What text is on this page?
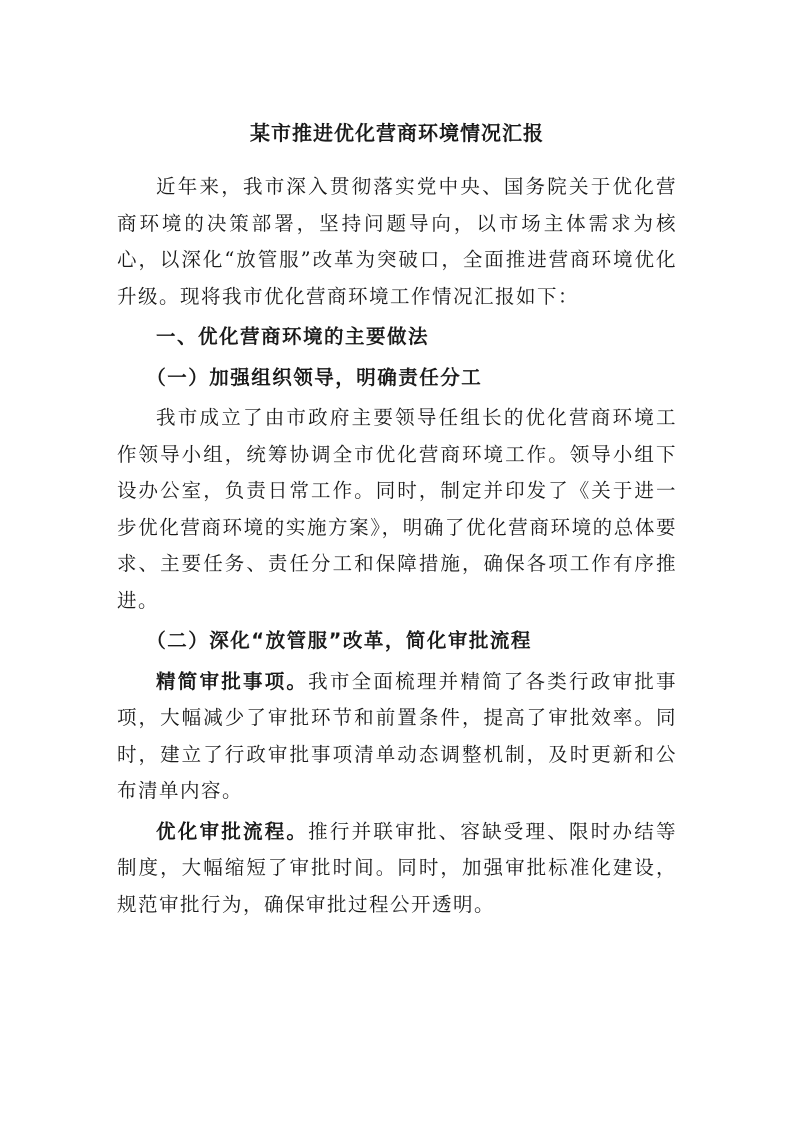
某市推进优化营商环境情况汇报

近年来，我市深入贯彻落实党中央、国务院关于优化营商环境的决策部署，坚持问题导向，以市场主体需求为核心，以深化“放管服”改革为突破口，全面推进营商环境优化升级。现将我市优化营商环境工作情况汇报如下：

一、优化营商环境的主要做法
（一）加强组织领导，明确责任分工

我市成立了由市政府主要领导任组长的优化营商环境工作领导小组，统筹协调全市优化营商环境工作。领导小组下设办公室，负责日常工作。同时，制定并印发了《关于进一步优化营商环境的实施方案》，明确了优化营商环境的总体要求、主要任务、责任分工和保障措施，确保各项工作有序推进。

（二）深化“放管服”改革，简化审批流程

精简审批事项。我市全面梳理并精简了各类行政审批事项，大幅减少了审批环节和前置条件，提高了审批效率。同时，建立了行政审批事项清单动态调整机制，及时更新和公布清单内容。

优化审批流程。推行并联审批、容缺受理、限时办结等制度，大幅缩短了审批时间。同时，加强审批标准化建设，规范审批行为，确保审批过程公开透明。
